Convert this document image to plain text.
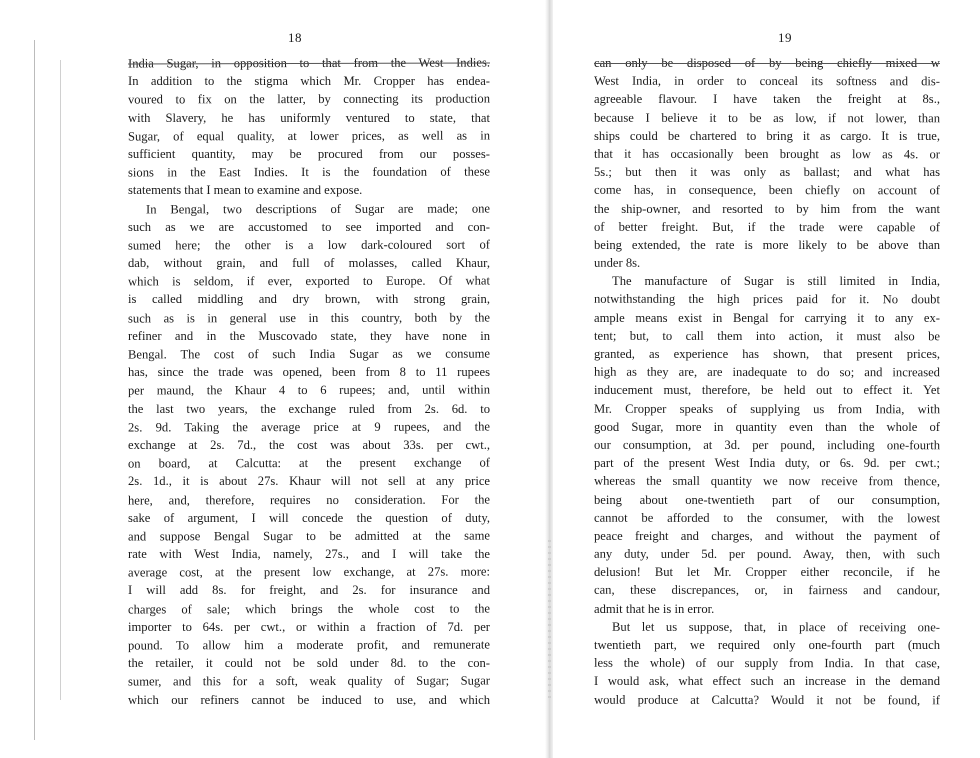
18
India Sugar, in opposition to that from the West Indies.
In addition to the stigma which Mr. Cropper has endea-
voured to fix on the latter, by connecting its production
with Slavery, he has uniformly ventured to state, that
Sugar, of equal quality, at lower prices, as well as in
sufficient quantity, may be procured from our posses-
sions in the East Indies. It is the foundation of these
statements that I mean to examine and expose.
In Bengal, two descriptions of Sugar are made; one
such as we are accustomed to see imported and con-
sumed here; the other is a low dark-coloured sort of
dab, without grain, and full of molasses, called Khaur,
which is seldom, if ever, exported to Europe. Of what
is called middling and dry brown, with strong grain,
such as is in general use in this country, both by the
refiner and in the Muscovado state, they have none in
Bengal. The cost of such India Sugar as we consume
has, since the trade was opened, been from 8 to 11 rupees
per maund, the Khaur 4 to 6 rupees; and, until within
the last two years, the exchange ruled from 2s. 6d. to
2s. 9d. Taking the average price at 9 rupees, and the
exchange at 2s. 7d., the cost was about 33s. per cwt.,
on board, at Calcutta: at the present exchange of
2s. 1d., it is about 27s. Khaur will not sell at any price
here, and, therefore, requires no consideration. For the
sake of argument, I will concede the question of duty,
and suppose Bengal Sugar to be admitted at the same
rate with West India, namely, 27s., and I will take the
average cost, at the present low exchange, at 27s. more:
I will add 8s. for freight, and 2s. for insurance and
charges of sale; which brings the whole cost to the
importer to 64s. per cwt., or within a fraction of 7d. per
pound. To allow him a moderate profit, and remunerate
the retailer, it could not be sold under 8d. to the con-
sumer, and this for a soft, weak quality of Sugar; Sugar
which our refiners cannot be induced to use, and which
19
can only be disposed of by being chiefly mixed w
West India, in order to conceal its softness and dis-
agreeable flavour. I have taken the freight at 8s.,
because I believe it to be as low, if not lower, than
ships could be chartered to bring it as cargo. It is true,
that it has occasionally been brought as low as 4s. or
5s.; but then it was only as ballast; and what has
come has, in consequence, been chiefly on account of
the ship-owner, and resorted to by him from the want
of better freight. But, if the trade were capable of
being extended, the rate is more likely to be above than
under 8s.
The manufacture of Sugar is still limited in India,
notwithstanding the high prices paid for it. No doubt
ample means exist in Bengal for carrying it to any ex-
tent; but, to call them into action, it must also be
granted, as experience has shown, that present prices,
high as they are, are inadequate to do so; and increased
inducement must, therefore, be held out to effect it. Yet
Mr. Cropper speaks of supplying us from India, with
good Sugar, more in quantity even than the whole of
our consumption, at 3d. per pound, including one-fourth
part of the present West India duty, or 6s. 9d. per cwt.;
whereas the small quantity we now receive from thence,
being about one-twentieth part of our consumption,
cannot be afforded to the consumer, with the lowest
peace freight and charges, and without the payment of
any duty, under 5d. per pound. Away, then, with such
delusion! But let Mr. Cropper either reconcile, if he
can, these discrepances, or, in fairness and candour,
admit that he is in error.
But let us suppose, that, in place of receiving one-
twentieth part, we required only one-fourth part (much
less the whole) of our supply from India. In that case,
I would ask, what effect such an increase in the demand
would produce at Calcutta? Would it not be found, if
